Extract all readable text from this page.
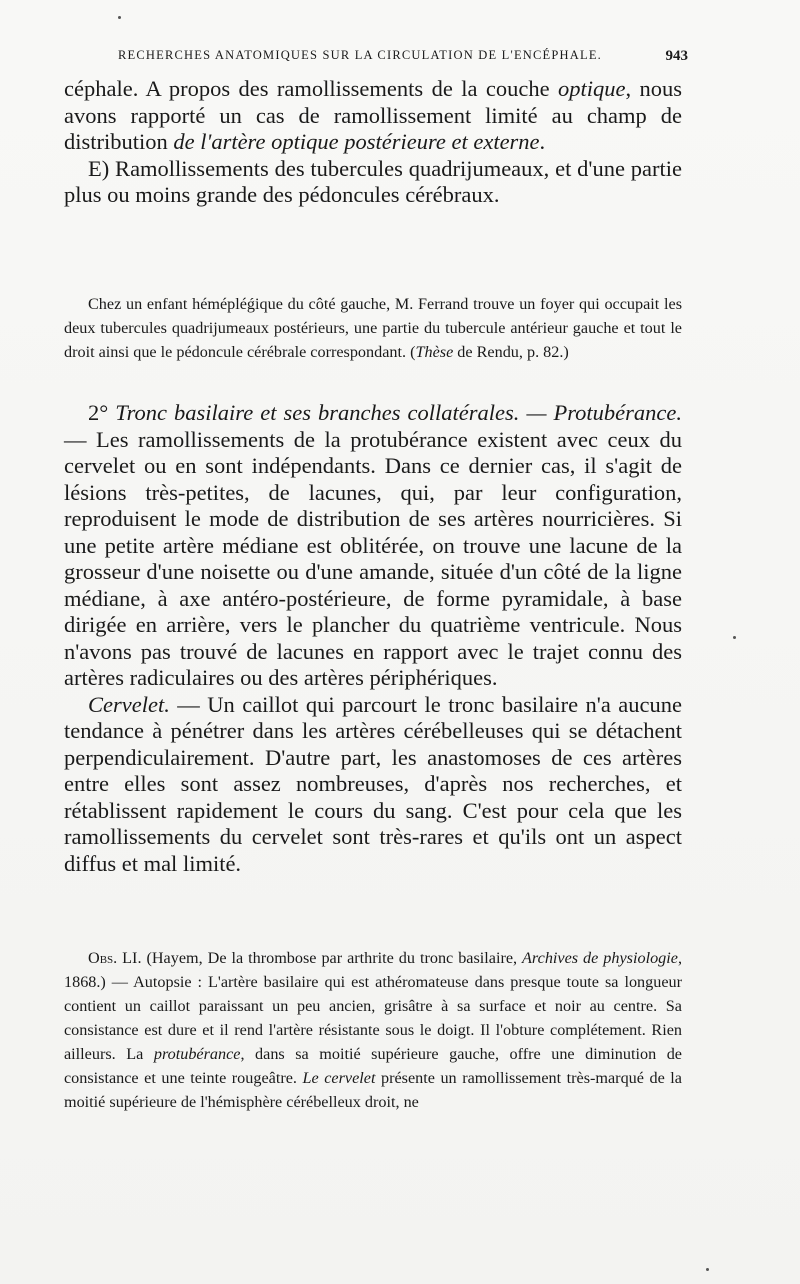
RECHERCHES ANATOMIQUES SUR LA CIRCULATION DE L'ENCÉPHALE.	943

céphale. A propos des ramollissements de la couche optique, nous avons rapporté un cas de ramollissement limité au champ de distribution de l'artère optique postérieure et externe.

E) Ramollissements des tubercules quadrijumeaux, et d'une partie plus ou moins grande des pédoncules cérébraux.

Chez un enfant hémépléǵique du côté gauche, M. Ferrand trouve un foyer qui occupait les deux tubercules quadrijumeaux postérieurs, une partie du tubercule antérieur gauche et tout le droit ainsi que le pédoncule cérébrale correspondant. (Thèse de Rendu, p. 82.)

2° Tronc basilaire et ses branches collatérales. — Protubérance. — Les ramollissements de la protubérance existent avec ceux du cervelet ou en sont indépendants. Dans ce dernier cas, il s'agit de lésions très-petites, de lacunes, qui, par leur configuration, reproduisent le mode de distribution de ses artères nourricières. Si une petite artère médiane est oblitérée, on trouve une lacune de la grosseur d'une noisette ou d'une amande, située d'un côté de la ligne médiane, à axe antéro-postérieure, de forme pyramidale, à base dirigée en arrière, vers le plancher du quatrième ventricule. Nous n'avons pas trouvé de lacunes en rapport avec le trajet connu des artères radiculaires ou des artères périphériques.

Cervelet. — Un caillot qui parcourt le tronc basilaire n'a aucune tendance à pénétrer dans les artères cérébelleuses qui se détachent perpendiculairement. D'autre part, les anastomoses de ces artères entre elles sont assez nombreuses, d'après nos recherches, et rétablissent rapidement le cours du sang. C'est pour cela que les ramollissements du cervelet sont très-rares et qu'ils ont un aspect diffus et mal limité.

Obs. LI. (Hayem, De la thrombose par arthrite du tronc basilaire, Archives de physiologie, 1868.) — Autopsie : L'artère basilaire qui est athéromateuse dans presque toute sa longueur contient un caillot paraissant un peu ancien, grisâtre à sa surface et noir au centre. Sa consistance est dure et il rend l'artère résistante sous le doigt. Il l'obture complétement. Rien ailleurs. La protubérance, dans sa moitié supérieure gauche, offre une diminution de consistance et une teinte rougeâtre. Le cervelet présente un ramollissement très-marqué de la moitié supérieure de l'hémisphère cérébelleux droit, ne
